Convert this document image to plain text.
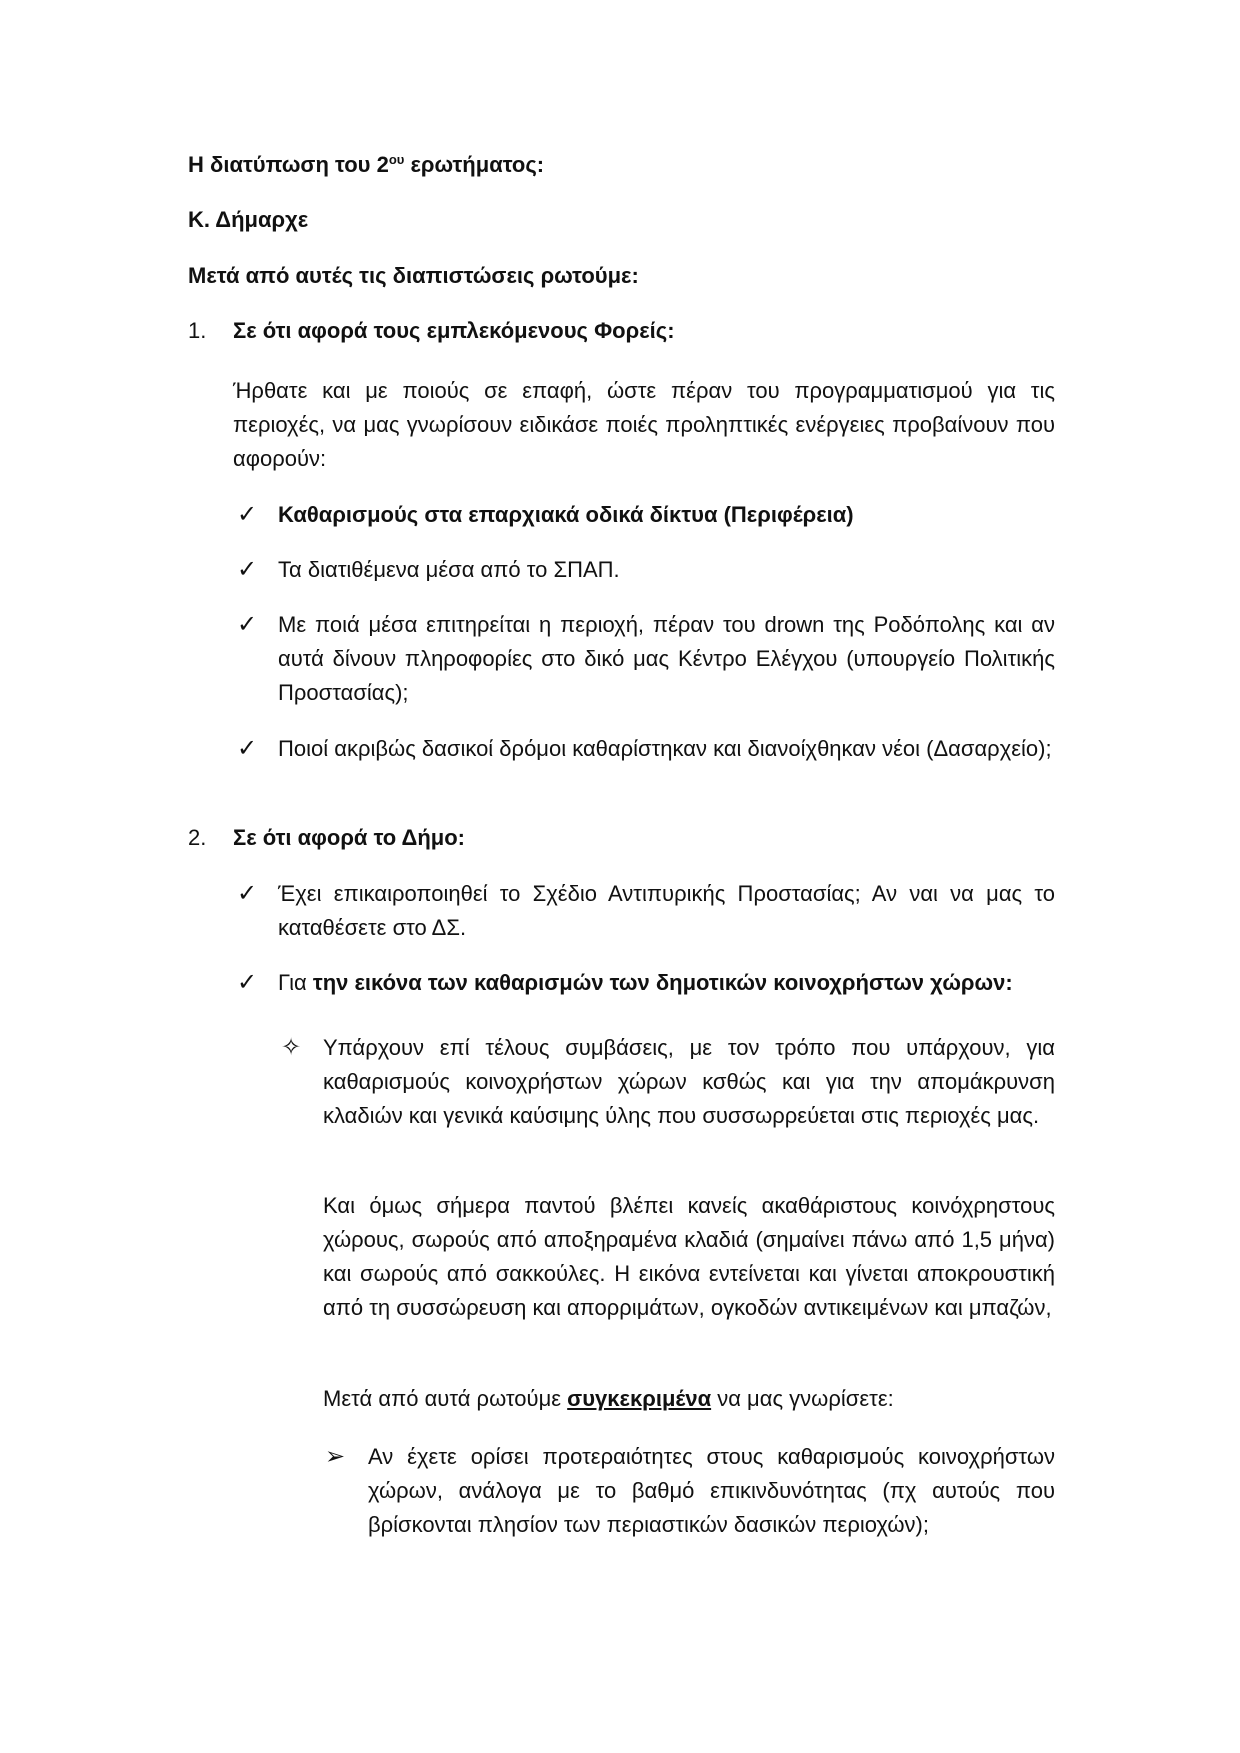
Η διατύπωση του $2^{o\upsilon}$ ερωτήματος:

Κ. Δήμαρχε

Μετά από αυτές τις διαπιστώσεις ρωτούμε:

1. Σε ότι αφορά τους εμπλεκόμενους Φορείς:

Ήρθατε και με ποιούς σε επαφή, ώστε πέραν του προγραμματισμού για τις περιοχές, να μας γνωρίσουν ειδικάσε ποιές προληπτικές ενέργειες προβαίνουν που αφορούν:

✓ Καθαρισμούς στα επαρχιακά οδικά δίκτυα (Περιφέρεια)

✓ Τα διατιθέμενα μέσα από το ΣΠΑΠ.

✓ Με ποιά μέσα επιτηρείται η περιοχή, πέραν του drown της Ροδόπολης και αν αυτά δίνουν πληροφορίες στο δικό μας Κέντρο Ελέγχου (υπουργείο Πολιτικής Προστασίας);

✓ Ποιοί ακριβώς δασικοί δρόμοι καθαρίστηκαν και διανοίχθηκαν νέοι (Δασαρχείο);

2. Σε ότι αφορά το Δήμο:

✓ Έχει επικαιροποιηθεί το Σχέδιο Αντιπυρικής Προστασίας; Αν ναι να μας το καταθέσετε στο ΔΣ.

✓ Για την εικόνα των καθαρισμών των δημοτικών κοινοχρήστων χώρων:

✧ Υπάρχουν επί τέλους συμβάσεις, με τον τρόπο που υπάρχουν, για καθαρισμούς κοινοχρήστων χώρων κσθώς και για την απομάκρυνση κλαδιών και γενικά καύσιμης ύλης που συσσωρρεύεται στις περιοχές μας.

Και όμως σήμερα παντού βλέπει κανείς ακαθάριστους κοινόχρηστους χώρους, σωρούς από αποξηραμένα κλαδιά (σημαίνει πάνω από 1,5 μήνα) και σωρούς από σακκούλες. Η εικόνα εντείνεται και γίνεται αποκρουστική από τη συσσώρευση και απορριμάτων, ογκοδών αντικειμένων και μπαζών,

Μετά από αυτά ρωτούμε συγκεκριμένα να μας γνωρίσετε:

➢ Αν έχετε ορίσει προτεραιότητες στους καθαρισμούς κοινοχρήστων χώρων, ανάλογα με το βαθμό επικινδυνότητας (πχ αυτούς που βρίσκονται πλησίον των περιαστικών δασικών περιοχών);
